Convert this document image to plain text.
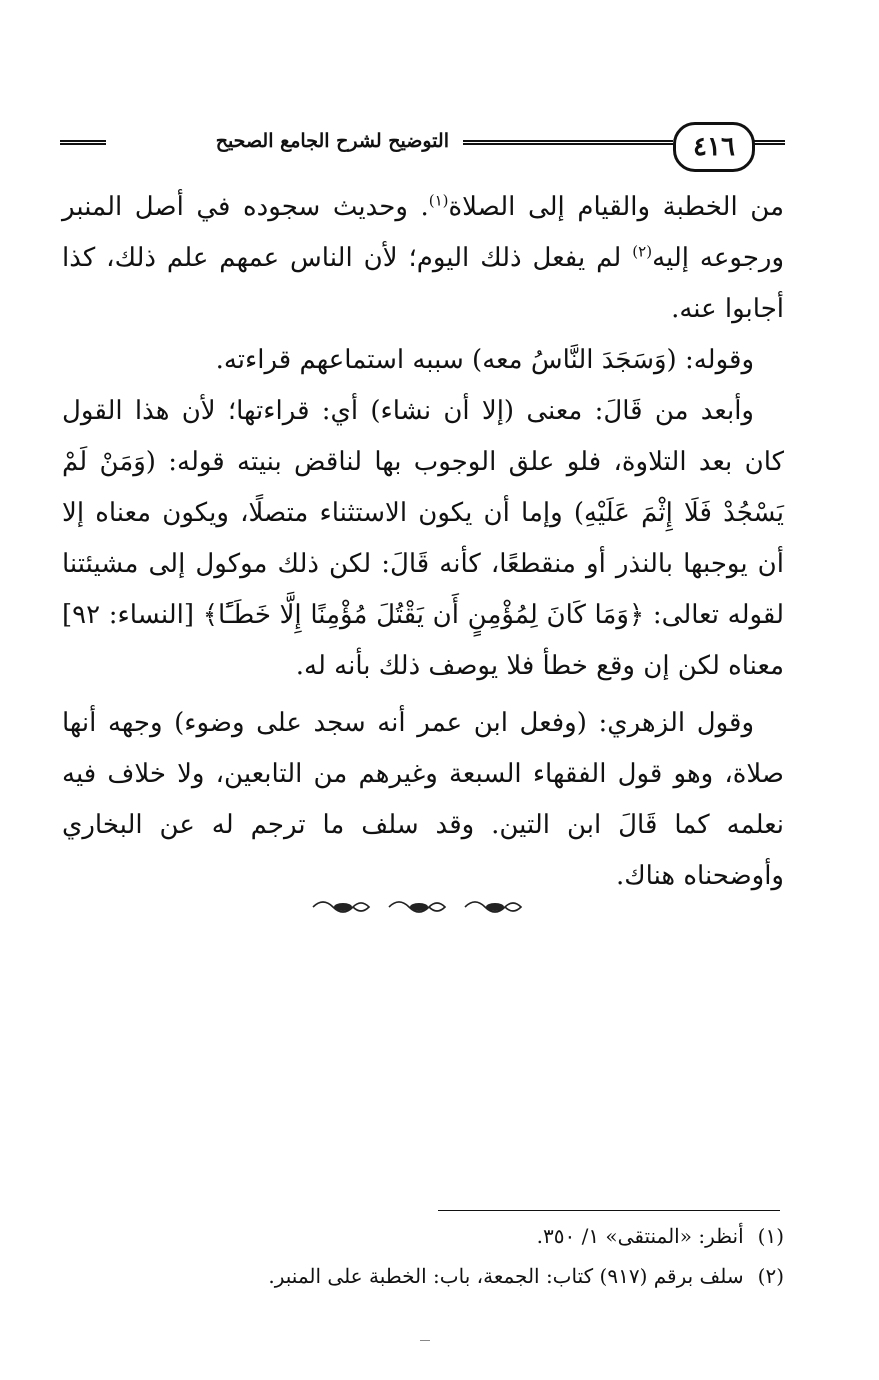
٤١٦
التوضيح لشرح الجامع الصحيح

من الخطبة والقيام إلى الصلاة$^{(١)}$. وحديث سجوده في أصل المنبر ورجوعه إليه$^{(٢)}$ لم يفعل ذلك اليوم؛ لأن الناس عمهم علم ذلك، كذا أجابوا عنه.

وقوله: (وَسَجَدَ النَّاسُ معه) سببه استماعهم قراءته.

وأبعد من قَالَ: معنى (إلا أن نشاء) أي: قراءتها؛ لأن هذا القول كان بعد التلاوة، فلو علق الوجوب بها لناقض بنيته قوله: (وَمَنْ لَمْ يَسْجُدْ فَلَا إِثْمَ عَلَيْهِ) وإما أن يكون الاستثناء متصلًا، ويكون معناه إلا أن يوجبها بالنذر أو منقطعًا، كأنه قَالَ: لكن ذلك موكول إلى مشيئتنا لقوله تعالى: ﴿وَمَا كَانَ لِمُؤْمِنٍ أَن يَقْتُلَ مُؤْمِنًا إِلَّا خَطَـًٔا﴾ [النساء: ٩٢] معناه لكن إن وقع خطأ فلا يوصف ذلك بأنه له.

وقول الزهري: (وفعل ابن عمر أنه سجد على وضوء) وجهه أنها صلاة، وهو قول الفقهاء السبعة وغيرهم من التابعين، ولا خلاف فيه نعلمه كما قَالَ ابن التين. وقد سلف ما ترجم له عن البخاري وأوضحناه هناك.

(١) أنظر: «المنتقى» ١/ ٣٥٠.

(٢) سلف برقم (٩١٧) كتاب: الجمعة، باب: الخطبة على المنبر.
